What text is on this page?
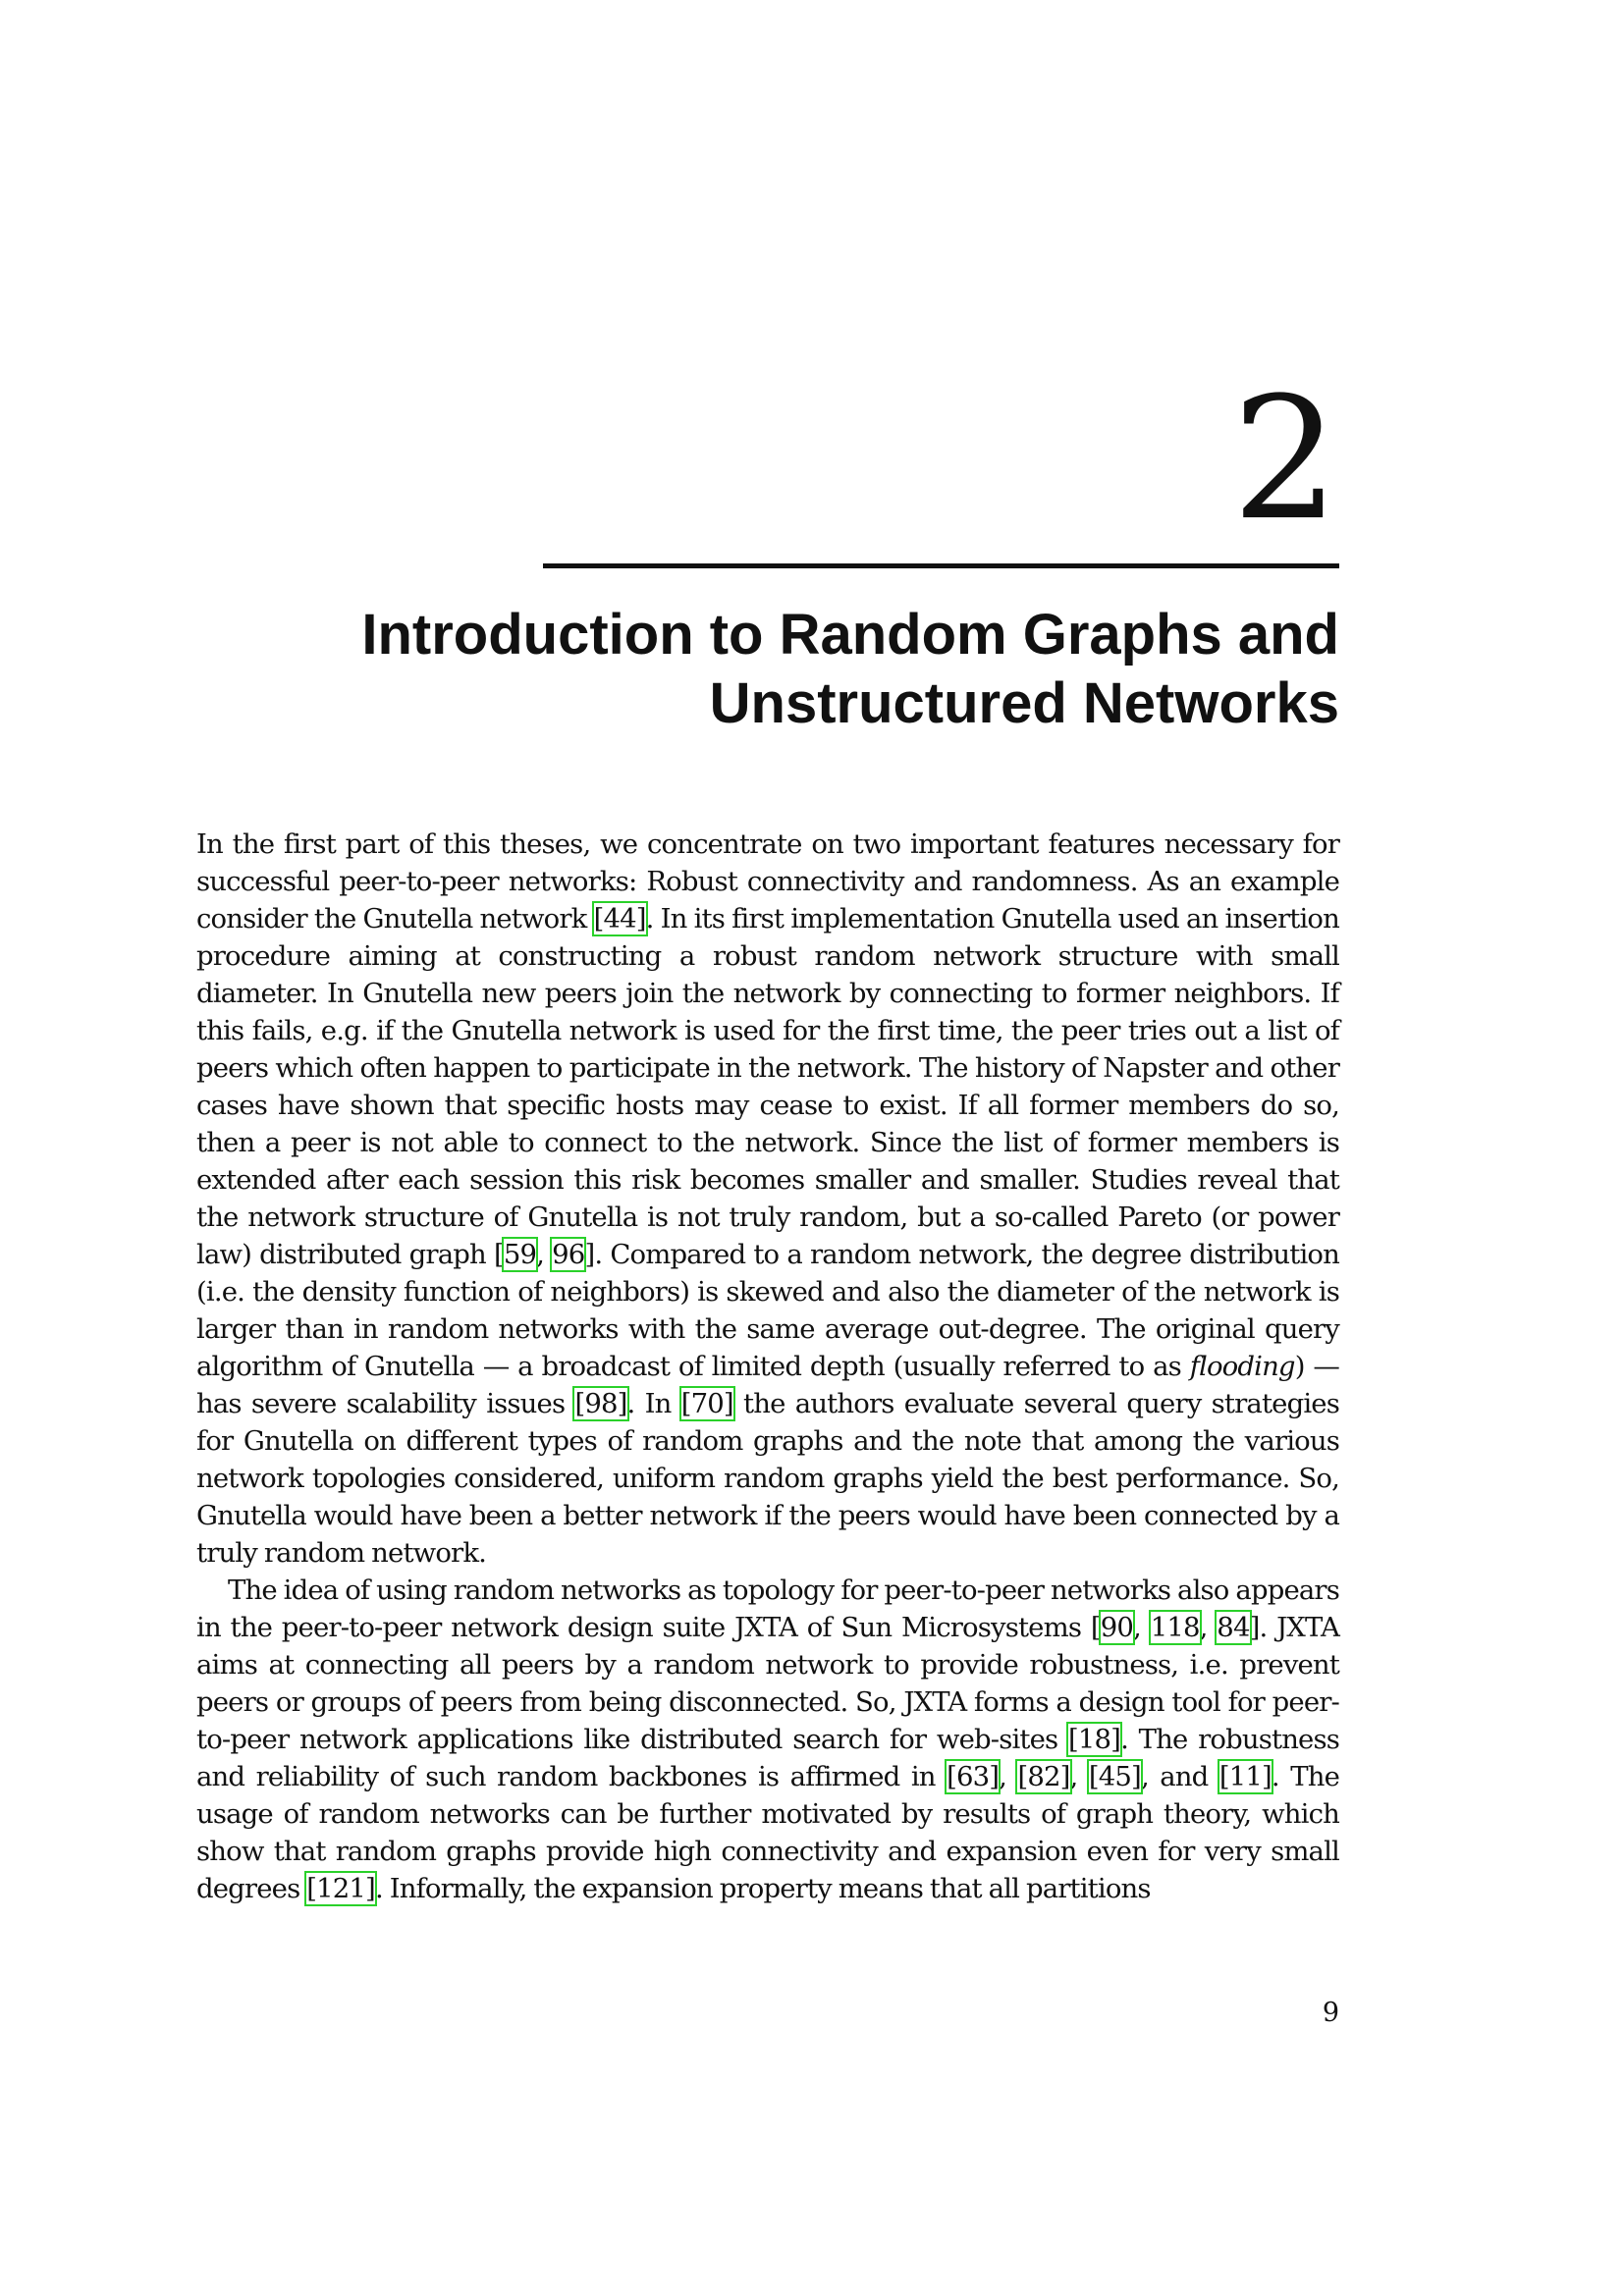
2
Introduction to Random Graphs and
Unstructured Networks

In the first part of this theses, we concentrate on two important features necessary for successful peer-to-peer networks: Robust connectivity and randomness. As an example consider the Gnutella network [44]. In its first implementation Gnutella used an insertion procedure aiming at constructing a robust random network structure with small diameter. In Gnutella new peers join the network by connecting to former neighbors. If this fails, e.g. if the Gnutella network is used for the first time, the peer tries out a list of peers which often happen to participate in the network. The history of Napster and other cases have shown that specific hosts may cease to exist. If all former members do so, then a peer is not able to connect to the network. Since the list of former members is extended after each session this risk becomes smaller and smaller. Studies reveal that the network structure of Gnutella is not truly random, but a so-called Pareto (or power law) distributed graph [59, 96]. Compared to a random network, the degree distribution (i.e. the density function of neighbors) is skewed and also the diameter of the network is larger than in random networks with the same average out-degree. The original query algorithm of Gnutella — a broadcast of limited depth (usually referred to as flooding) — has severe scalability issues [98]. In [70] the authors evaluate several query strategies for Gnutella on different types of random graphs and the note that among the various network topologies considered, uniform random graphs yield the best performance. So, Gnutella would have been a better network if the peers would have been connected by a truly random network.

The idea of using random networks as topology for peer-to-peer networks also appears in the peer-to-peer network design suite JXTA of Sun Microsystems [90, 118, 84]. JXTA aims at connecting all peers by a random network to provide robustness, i.e. prevent peers or groups of peers from being disconnected. So, JXTA forms a design tool for peer-to-peer network applications like distributed search for web-sites [18]. The robustness and reliability of such random backbones is affirmed in [63], [82], [45], and [11]. The usage of random networks can be further motivated by results of graph theory, which show that random graphs provide high connectivity and expansion even for very small degrees [121]. Informally, the expansion property means that all partitions

9
